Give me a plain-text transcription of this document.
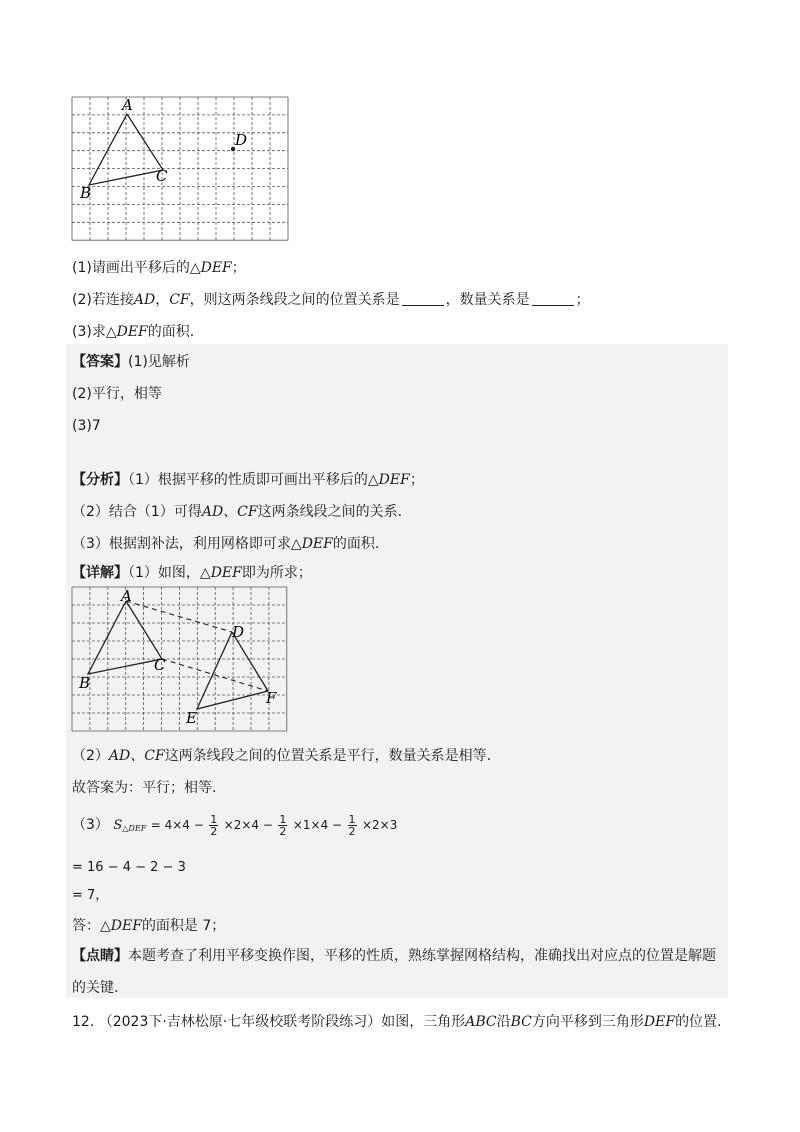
A
B
C
D
(1)请画出平移后的△DEF；
(2)若连接AD，CF，则这两条线段之间的位置关系是	，数量关系是	；
(3)求△DEF的面积.
【答案】(1)见解析
(2)平行，相等
(3)7
【分析】（1）根据平移的性质即可画出平移后的△DEF；
（2）结合（1）可得AD、CF这两条线段之间的关系.
（3）根据割补法，利用网格即可求△DEF的面积.
【详解】（1）如图，△DEF即为所求；
A
B
C
D
E
F
（2）AD、CF这两条线段之间的位置关系是平行，数量关系是相等.
故答案为：平行；相等.
（3） $S_{\triangle DEF} = 4\times 4 - \frac{1}{2} \times 2\times 4 - \frac{1}{2} \times 1\times 4 - \frac{1}{2} \times 2\times 3$
= 16 − 4 − 2 − 3
= 7，
答：△DEF的面积是 7；
【点睛】本题考查了利用平移变换作图，平移的性质，熟练掌握网格结构，准确找出对应点的位置是解题
的关键.
12. （2023下·吉林松原·七年级校联考阶段练习）如图，三角形ABC沿BC方向平移到三角形DEF的位置.
